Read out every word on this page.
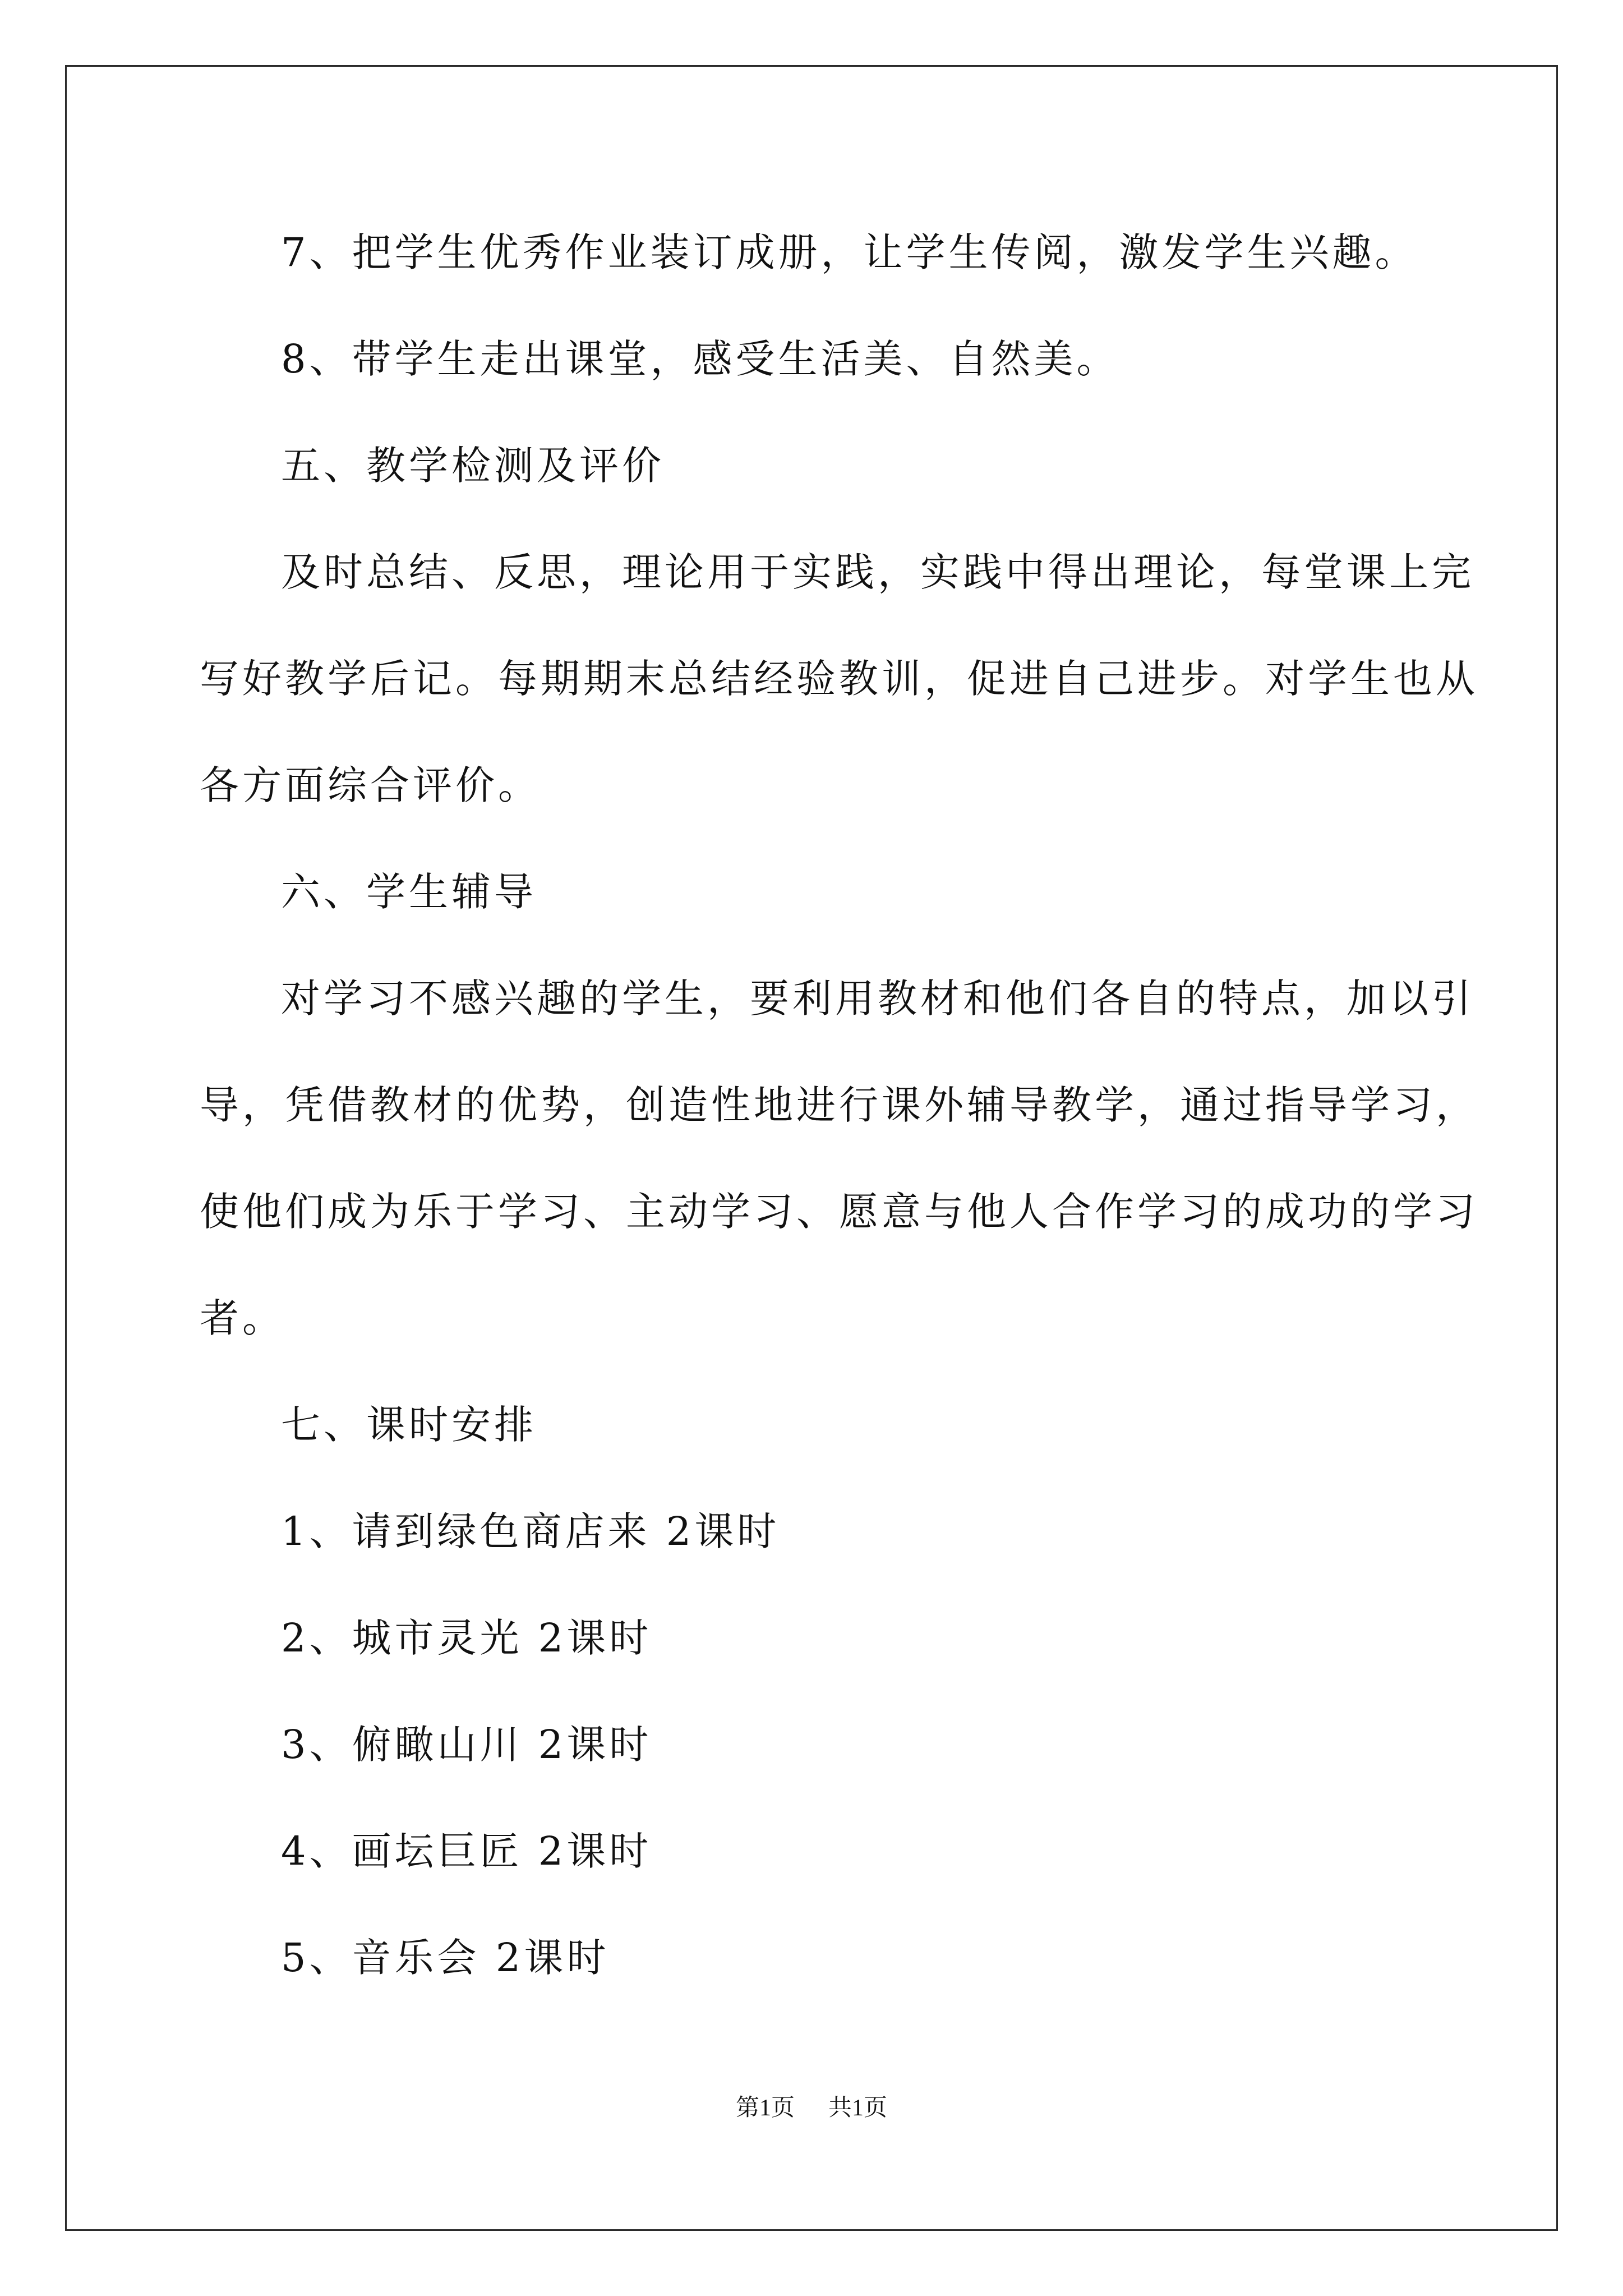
7、把学生优秀作业装订成册，让学生传阅，激发学生兴趣。
8、带学生走出课堂，感受生活美、自然美。
五、教学检测及评价
及时总结、反思，理论用于实践，实践中得出理论，每堂课上完
写好教学后记。每期期末总结经验教训，促进自己进步。对学生也从
各方面综合评价。
六、学生辅导
对学习不感兴趣的学生，要利用教材和他们各自的特点，加以引
导，凭借教材的优势，创造性地进行课外辅导教学，通过指导学习，
使他们成为乐于学习、主动学习、愿意与他人合作学习的成功的学习
者。
七、课时安排
1、请到绿色商店来 2课时
2、城市灵光 2课时
3、俯瞰山川 2课时
4、画坛巨匠 2课时
5、音乐会 2课时
第1页 共1页
